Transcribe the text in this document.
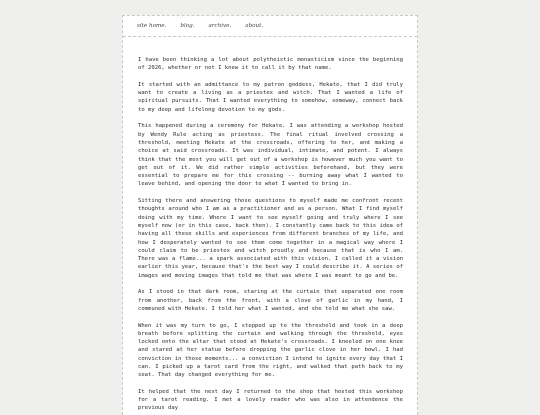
site home.	blog.	archive.	about.

I have been thinking a lot about polytheistic monasticism since the beginning of 2026, whether or not I knew it to call it by that name.

It started with an admittance to my patron goddess, Hekate, that I did truly want to create a living as a priestex and witch. That I wanted a life of spiritual pursuits. That I wanted everything to somehow, someway, connect back to my deep and lifelong devotion to my gods.

This happened during a ceremony for Hekate. I was attending a workshop hosted by Wendy Rule acting as priestess. The final ritual involved crossing a threshold, meeting Hekate at the crossroads, offering to her, and making a choice at said crossroads. It was individual, intimate, and potent. I always think that the most you will get out of a workshop is however much you want to get out of it. We did rather simple activities beforehand, but they were essential to prepare me for this crossing -- burning away what I wanted to leave behind, and opening the door to what I wanted to bring in.

Sitting there and answering those questions to myself made me confront recent thoughts around who I am as a practitioner and as a person. What I find myself doing with my time. Where I want to see myself going and truly where I see myself now (or in this case, back then). I constantly came back to this idea of having all these skills and experiences from different branches of my life, and how I desperately wanted to see them come together in a magical way where I could claim to be priestex and witch proudly and because that is who I am. There was a flame... a spark associated with this vision. I called it a vision earlier this year, because that's the best way I could describe it. A series of images and moving images that told me that was where I was meant to go and be.

As I stood in that dark room, staring at the curtain that separated one room from another, back from the front, with a clove of garlic in my hand, I communed with Hekate. I told her what I wanted, and she told me what she saw.

When it was my turn to go, I stepped up to the threshold and took in a deep breath before splitting the curtain and walking through the threshold, eyes locked onto the altar that stood at Hekate's crossroads. I kneeled on one knee and stared at her statue before dropping the garlic clove in her bowl. I had conviction in those moments... a conviction I intend to ignite every day that I can. I picked up a tarot card from the right, and walked that path back to my seat. That day changed everything for me.

It helped that the next day I returned to the shop that hosted this workshop for a tarot reading. I met a lovely reader who was also in attendence the previous day
